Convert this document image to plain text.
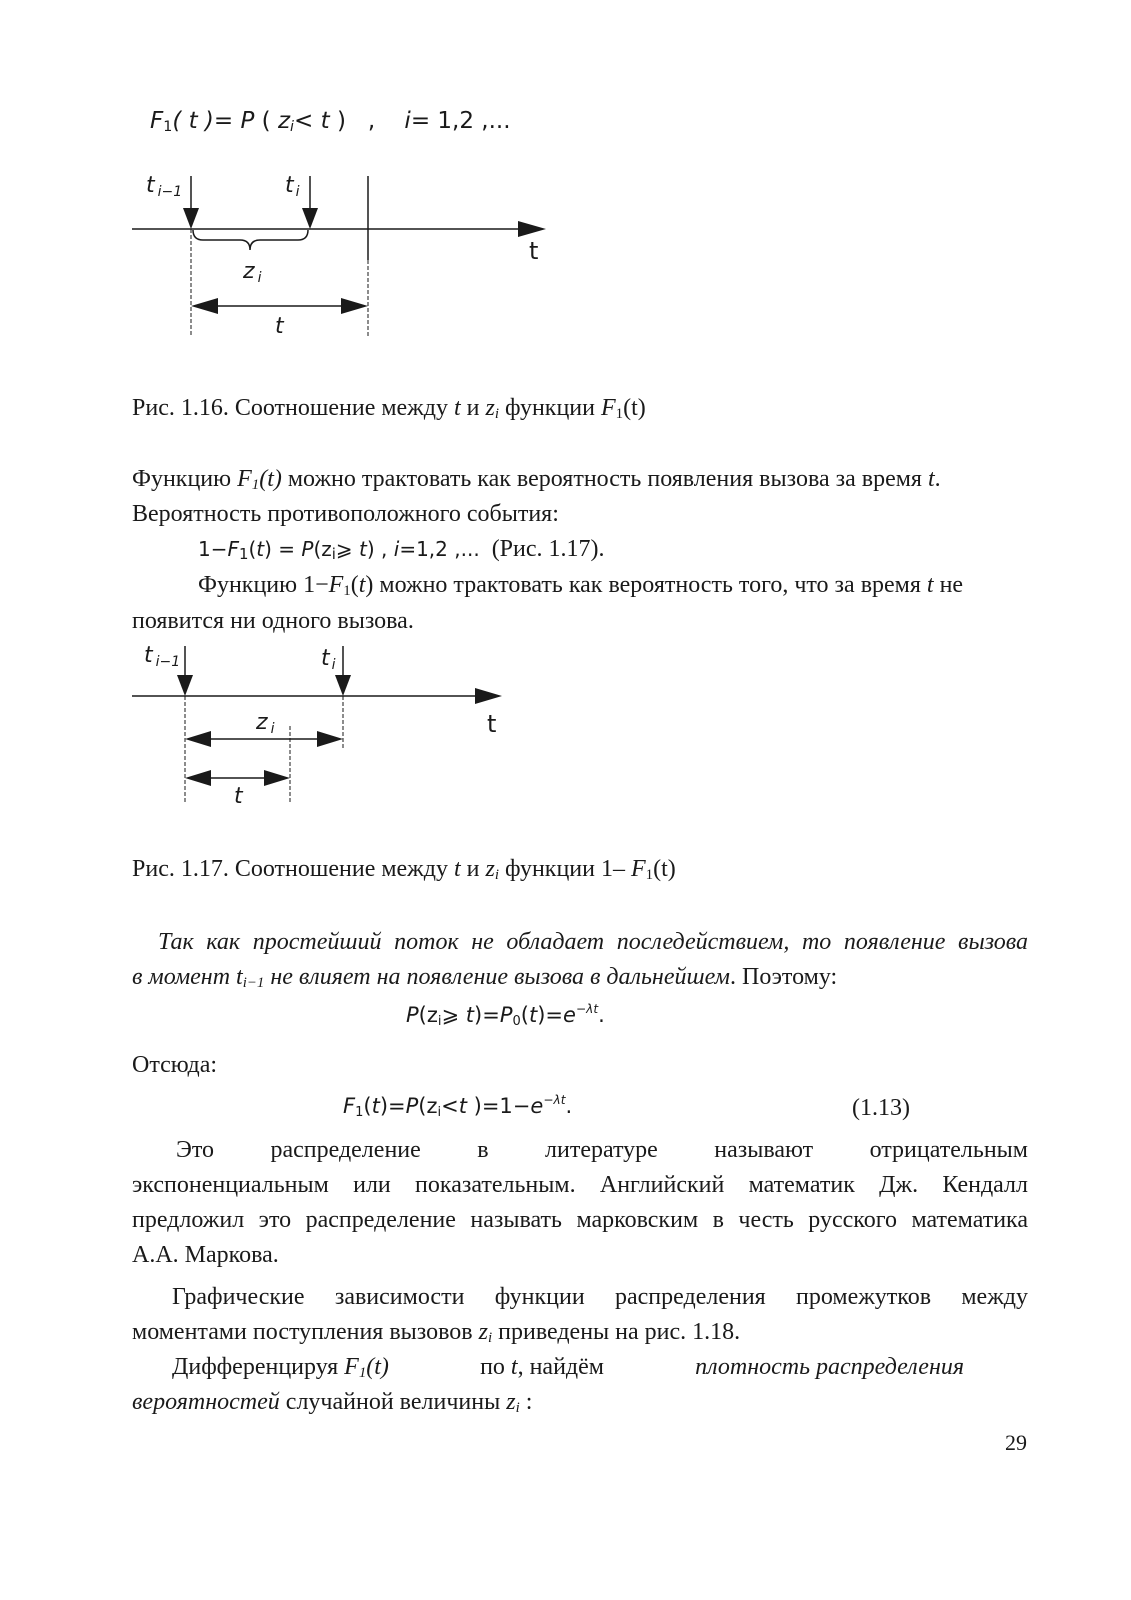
$F_1$( t )= P ( $z_i< t$ ) , i= 1,2 ,...
ti−1	ti
zi
t
t
Рис. 1.16. Соотношение между t и $z_i$ функции $F_1(t)$
Функцию $F_1(t)$ можно трактовать как вероятность появления вызова за время t.
Вероятность противоположного события:
$1-F_1(t)$ = $P(z_i⩾$ t) , i=1,2 ,... (Рис. 1.17).
Функцию $1-F_1(t)$ можно трактовать как вероятность того, что за время t не
появится ни одного вызова.
ti−1	ti
zi
t
t
Рис. 1.17. Соотношение между t и $z_i$ функции 1– $F_1(t)$
Так как простейший поток не обладает последействием, то появление вызова
в момент $t_{i-1}$ не влияет на появление вызова в дальнейшем. Поэтому:
$P(z_i⩾$ $t)=P_0(t)=e^{-\lambda t}$.
Отсюда:
$F_1(t)=P(z_i<t$ )$=1-e^{-\lambda t}$.	(1.13)
Это распределение в литературе называют отрицательным
экспоненциальным или показательным. Английский математик Дж. Кендалл
предложил это распределение называть марковским в честь русского математика
А.А. Маркова.
Графические зависимости функции распределения промежутков между
моментами поступления вызовов $z_i$ приведены на рис. 1.18.
Дифференцируя $F_1(t)$	по t, найдём	плотность распределения
вероятностей случайной величины $z_i$ :
29
